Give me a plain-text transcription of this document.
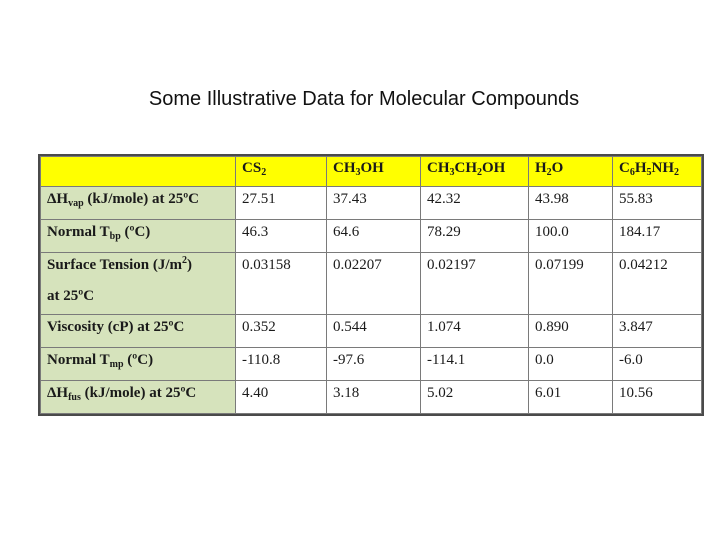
Some Illustrative Data for Molecular Compounds
	$CS_2$	$CH_3OH$	$CH_3CH_2OH$	$H_2O$	$C_6H_5NH_2$
$\Delta H_{vap}$ (kJ/mole) at 25ºC	27.51	37.43	42.32	43.98	55.83
Normal $T_{bp}$ (ºC)	46.3	64.6	78.29	100.0	184.17
Surface Tension $(J/m^2)$
at 25ºC	0.03158	0.02207	0.02197	0.07199	0.04212
Viscosity (cP) at 25ºC	0.352	0.544	1.074	0.890	3.847
Normal $T_{mp}$ (ºC)	-110.8	-97.6	-114.1	0.0	-6.0
$\Delta H_{fus}$ (kJ/mole) at 25ºC	4.40	3.18	5.02	6.01	10.56
